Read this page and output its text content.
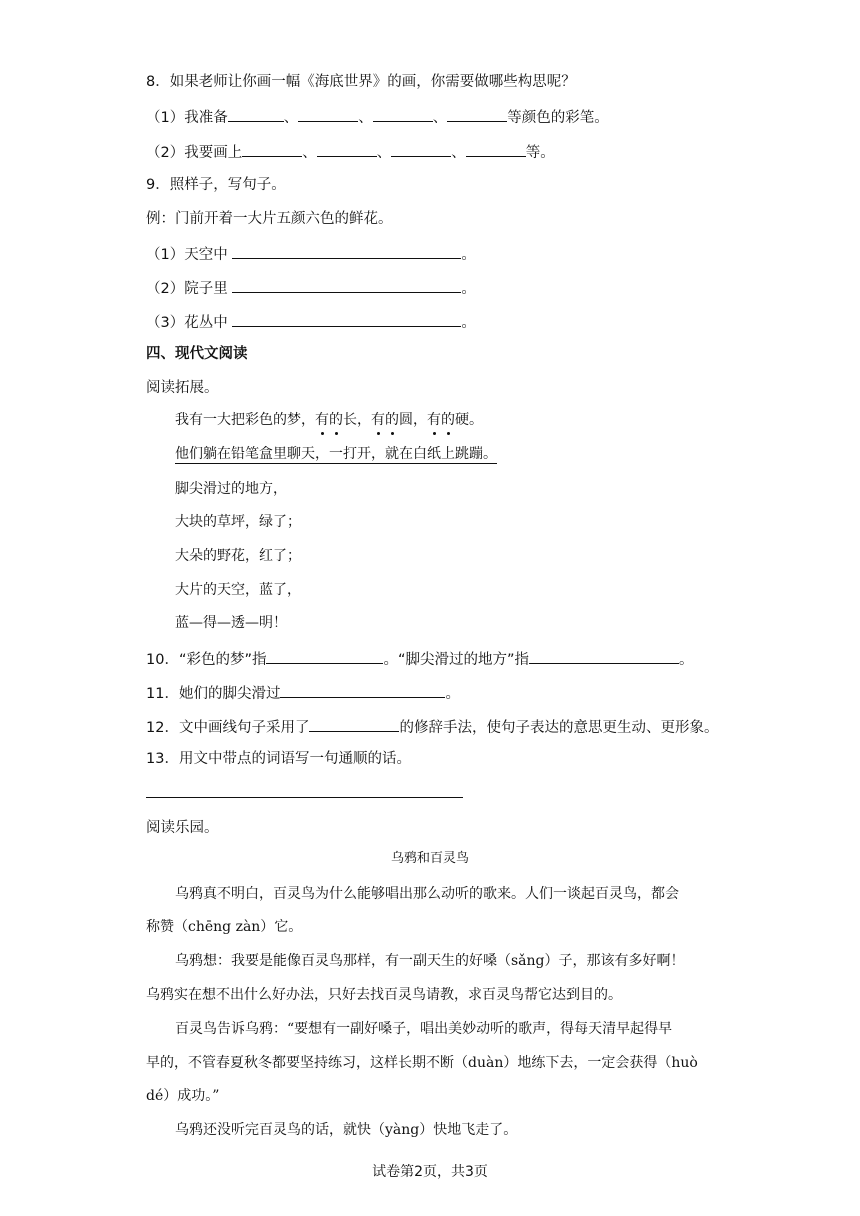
8．如果老师让你画一幅《海底世界》的画，你需要做哪些构思呢？
（1）我准备	、	、	、	等颜色的彩笔。
（2）我要画上	、	、	、	等。
9．照样子，写句子。
例：门前开着一大片五颜六色的鲜花。
（1）天空中	。
（2）院子里	。
（3）花丛中	。
四、现代文阅读
阅读拓展。
我有一大把彩色的梦，有的长，有的圆，有的硬。
他们躺在铅笔盒里聊天，一打开，就在白纸上跳蹦。
脚尖滑过的地方，
大块的草坪，绿了；
大朵的野花，红了；
大片的天空，蓝了，
蓝—得—透—明！
10．“彩色的梦”指	。“脚尖滑过的地方”指	。
11．她们的脚尖滑过	。
12．文中画线句子采用了	的修辞手法，使句子表达的意思更生动、更形象。
13．用文中带点的词语写一句通顺的话。
阅读乐园。
乌鸦和百灵鸟
乌鸦真不明白，百灵鸟为什么能够唱出那么动听的歌来。人们一谈起百灵鸟，都会
称赞（chēng zàn）它。
乌鸦想：我要是能像百灵鸟那样，有一副天生的好嗓（sǎng）子，那该有多好啊！
乌鸦实在想不出什么好办法，只好去找百灵鸟请教，求百灵鸟帮它达到目的。
百灵鸟告诉乌鸦：“要想有一副好嗓子，唱出美妙动听的歌声，得每天清早起得早
早的，不管春夏秋冬都要坚持练习，这样长期不断（duàn）地练下去，一定会获得（huò
dé）成功。”
乌鸦还没听完百灵鸟的话，就快（yàng）快地飞走了。
试卷第2页，共3页
